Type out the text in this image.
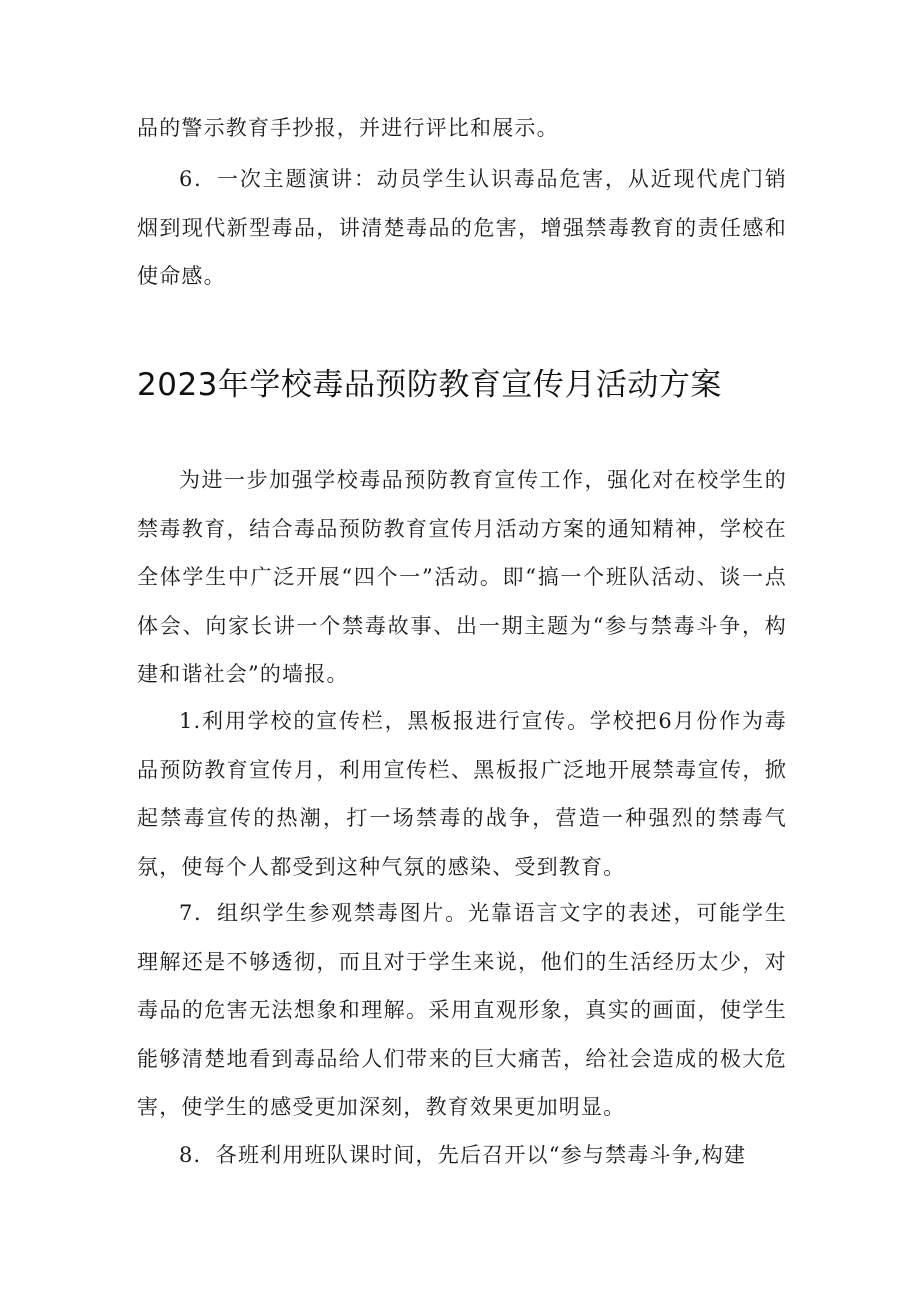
品的警示教育手抄报，并进行评比和展示。

6．一次主题演讲：动员学生认识毒品危害，从近现代虎门销烟到现代新型毒品，讲清楚毒品的危害，增强禁毒教育的责任感和使命感。

2023年学校毒品预防教育宣传月活动方案

为进一步加强学校毒品预防教育宣传工作，强化对在校学生的禁毒教育，结合毒品预防教育宣传月活动方案的通知精神，学校在全体学生中广泛开展“四个一”活动。即“搞一个班队活动、谈一点体会、向家长讲一个禁毒故事、出一期主题为“参与禁毒斗争，构建和谐社会”的墙报。

1.利用学校的宣传栏，黑板报进行宣传。学校把6月份作为毒品预防教育宣传月，利用宣传栏、黑板报广泛地开展禁毒宣传，掀起禁毒宣传的热潮，打一场禁毒的战争，营造一种强烈的禁毒气氛，使每个人都受到这种气氛的感染、受到教育。

7．组织学生参观禁毒图片。光靠语言文字的表述，可能学生理解还是不够透彻，而且对于学生来说，他们的生活经历太少，对毒品的危害无法想象和理解。采用直观形象，真实的画面，使学生能够清楚地看到毒品给人们带来的巨大痛苦，给社会造成的极大危害，使学生的感受更加深刻，教育效果更加明显。

8．各班利用班队课时间，先后召开以“参与禁毒斗争,构建
